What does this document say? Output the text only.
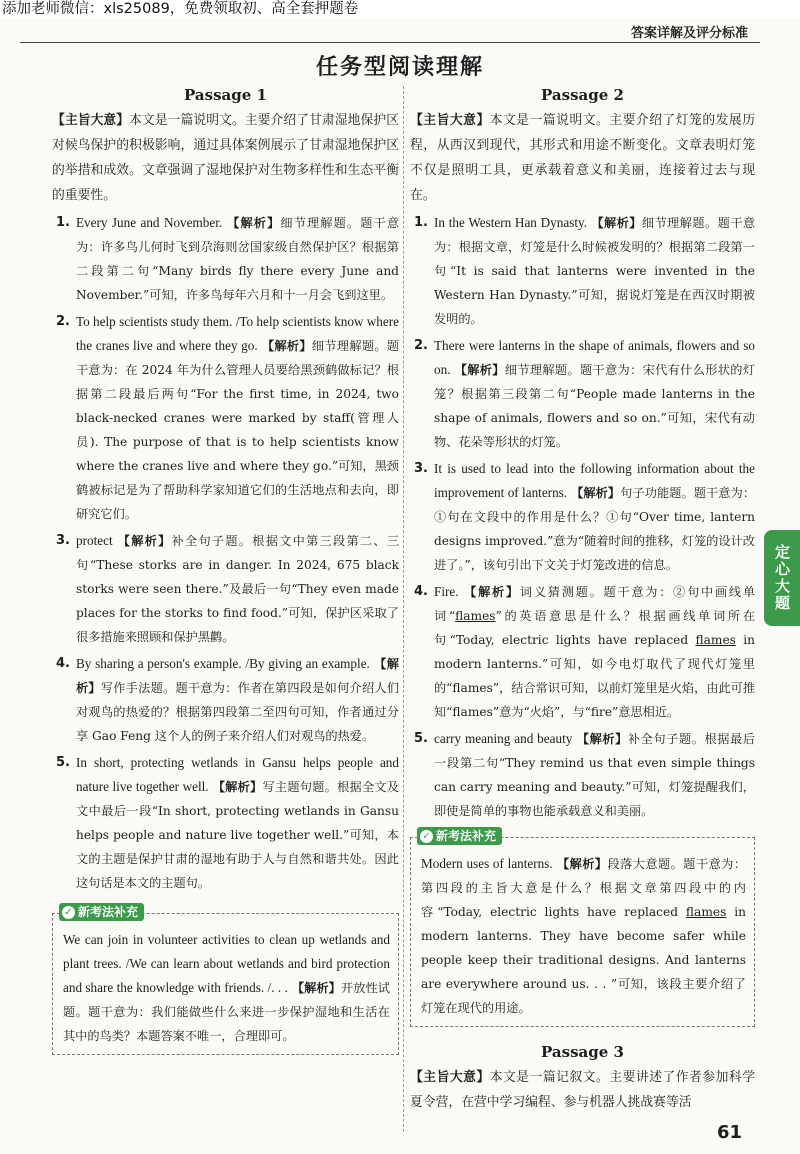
添加老师微信：xls25089，免费领取初、高全套押题卷
答案详解及评分标准
任务型阅读理解
Passage 1

【主旨大意】本文是一篇说明文。主要介绍了甘肃湿地保护区对候鸟保护的积极影响，通过具体案例展示了甘肃湿地保护区的举措和成效。文章强调了湿地保护对生物多样性和生态平衡的重要性。

1. Every June and November. 【解析】细节理解题。题干意为：许多鸟儿何时飞到尕海则岔国家级自然保护区？根据第二段第二句“Many birds fly there every June and November.”可知，许多鸟每年六月和十一月会飞到这里。
2. To help scientists study them. /To help scientists know where the cranes live and where they go. 【解析】细节理解题。题干意为：在 2024 年为什么管理人员要给黑颈鹤做标记？根据第二段最后两句“For the first time, in 2024, two black-necked cranes were marked by staff(管理人员). The purpose of that is to help scientists know where the cranes live and where they go.”可知，黑颈鹤被标记是为了帮助科学家知道它们的生活地点和去向，即研究它们。
3. protect 【解析】补全句子题。根据文中第三段第二、三句“These storks are in danger. In 2024, 675 black storks were seen there.”及最后一句“They even made places for the storks to find food.”可知，保护区采取了很多措施来照顾和保护黑鹳。
4. By sharing a person's example. /By giving an example. 【解析】写作手法题。题干意为：作者在第四段是如何介绍人们对观鸟的热爱的？根据第四段第二至四句可知，作者通过分享 Gao Feng 这个人的例子来介绍人们对观鸟的热爱。
5. In short, protecting wetlands in Gansu helps people and nature live together well. 【解析】写主题句题。根据全文及文中最后一段“In short, protecting wetlands in Gansu helps people and nature live together well.”可知，本文的主题是保护甘肃的湿地有助于人与自然和谐共处。因此这句话是本文的主题句。
✓ 新考法补充
We can join in volunteer activities to clean up wetlands and plant trees. /We can learn about wetlands and bird protection and share the knowledge with friends. /. . . 【解析】开放性试题。题干意为：我们能做些什么来进一步保护湿地和生活在其中的鸟类？本题答案不唯一，合理即可。
Passage 2

【主旨大意】本文是一篇说明文。主要介绍了灯笼的发展历程，从西汉到现代，其形式和用途不断变化。文章表明灯笼不仅是照明工具，更承载着意义和美丽，连接着过去与现在。

1. In the Western Han Dynasty. 【解析】细节理解题。题干意为：根据文章，灯笼是什么时候被发明的？根据第二段第一句“It is said that lanterns were invented in the Western Han Dynasty.”可知，据说灯笼是在西汉时期被发明的。
2. There were lanterns in the shape of animals, flowers and so on. 【解析】细节理解题。题干意为：宋代有什么形状的灯笼？根据第三段第二句“People made lanterns in the shape of animals, flowers and so on.”可知，宋代有动物、花朵等形状的灯笼。
3. It is used to lead into the following information about the improvement of lanterns. 【解析】句子功能题。题干意为：①句在文段中的作用是什么？①句“Over time, lantern designs improved.”意为“随着时间的推移，灯笼的设计改进了。”，该句引出下文关于灯笼改进的信息。
4. Fire. 【解析】词义猜测题。题干意为：②句中画线单词“flames”的英语意思是什么？根据画线单词所在句“Today, electric lights have replaced flames in modern lanterns.”可知，如今电灯取代了现代灯笼里的“flames”，结合常识可知，以前灯笼里是火焰，由此可推知“flames”意为“火焰”，与“fire”意思相近。
5. carry meaning and beauty 【解析】补全句子题。根据最后一段第二句“They remind us that even simple things can carry meaning and beauty.”可知，灯笼提醒我们，即使是简单的事物也能承载意义和美丽。
✓ 新考法补充
Modern uses of lanterns. 【解析】段落大意题。题干意为：第四段的主旨大意是什么？根据文章第四段中的内容“Today, electric lights have replaced flames in modern lanterns. They have become safer while people keep their traditional designs. And lanterns are everywhere around us. . . ”可知，该段主要介绍了灯笼在现代的用途。
Passage 3

【主旨大意】本文是一篇记叙文。主要讲述了作者参加科学夏令营，在营中学习编程、参与机器人挑战赛等活

定心大题
61
